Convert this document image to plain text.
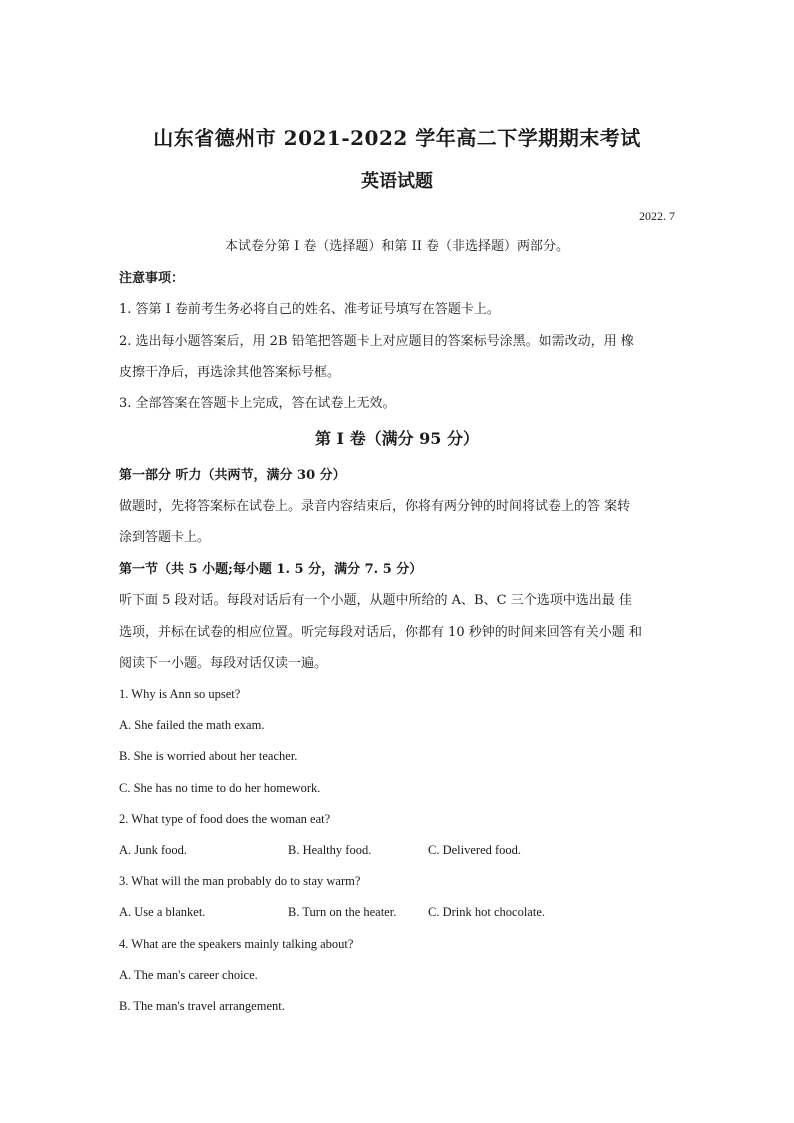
山东省德州市 2021-2022 学年高二下学期期末考试
英语试题
2022. 7
本试卷分第 I 卷（选择题）和第 II 卷（非选择题）两部分。
注意事项：
1. 答第 I 卷前考生务必将自己的姓名、准考证号填写在答题卡上。
2. 选出每小题答案后，用 2B 铅笔把答题卡上对应题目的答案标号涂黑。如需改动，用 橡
皮擦干净后，再选涂其他答案标号框。
3. 全部答案在答题卡上完成，答在试卷上无效。
第 I 卷（满分 95 分）
第一部分 听力（共两节，满分 30 分）
做题时，先将答案标在试卷上。录音内容结束后，你将有两分钟的时间将试卷上的答 案转
涂到答题卡上。
第一节（共 5 小题;每小题 1. 5 分，满分 7. 5 分）
听下面 5 段对话。每段对话后有一个小题，从题中所给的 A、B、C 三个选项中选出最 佳
选项，并标在试卷的相应位置。听完每段对话后，你都有 10 秒钟的时间来回答有关小题 和
阅读下一小题。每段对话仅读一遍。
1. Why is Ann so upset?
A. She failed the math exam.
B. She is worried about her teacher.
C. She has no time to do her homework.
2. What type of food does the woman eat?
A. Junk food.	B. Healthy food.	C. Delivered food.
3. What will the man probably do to stay warm?
A. Use a blanket.	B. Turn on the heater.	C. Drink hot chocolate.
4. What are the speakers mainly talking about?
A. The man's career choice.
B. The man's travel arrangement.
